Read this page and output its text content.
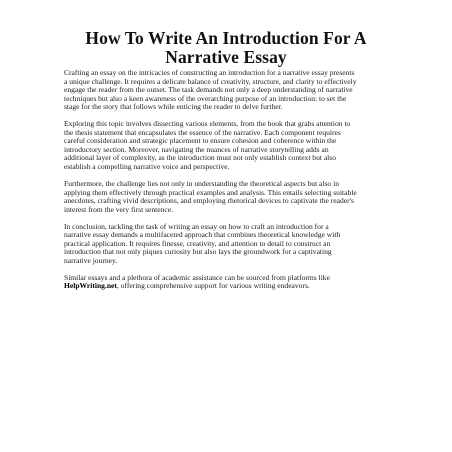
How To Write An Introduction For A
Narrative Essay

Crafting an essay on the intricacies of constructing an introduction for a narrative essay presents
a unique challenge. It requires a delicate balance of creativity, structure, and clarity to effectively
engage the reader from the outset. The task demands not only a deep understanding of narrative
techniques but also a keen awareness of the overarching purpose of an introduction: to set the
stage for the story that follows while enticing the reader to delve further.

Exploring this topic involves dissecting various elements, from the hook that grabs attention to
the thesis statement that encapsulates the essence of the narrative. Each component requires
careful consideration and strategic placement to ensure cohesion and coherence within the
introductory section. Moreover, navigating the nuances of narrative storytelling adds an
additional layer of complexity, as the introduction must not only establish context but also
establish a compelling narrative voice and perspective.

Furthermore, the challenge lies not only in understanding the theoretical aspects but also in
applying them effectively through practical examples and analysis. This entails selecting suitable
anecdotes, crafting vivid descriptions, and employing rhetorical devices to captivate the reader's
interest from the very first sentence.

In conclusion, tackling the task of writing an essay on how to craft an introduction for a
narrative essay demands a multifaceted approach that combines theoretical knowledge with
practical application. It requires finesse, creativity, and attention to detail to construct an
introduction that not only piques curiosity but also lays the groundwork for a captivating
narrative journey.

Similar essays and a plethora of academic assistance can be sourced from platforms like
HelpWriting.net, offering comprehensive support for various writing endeavors.
